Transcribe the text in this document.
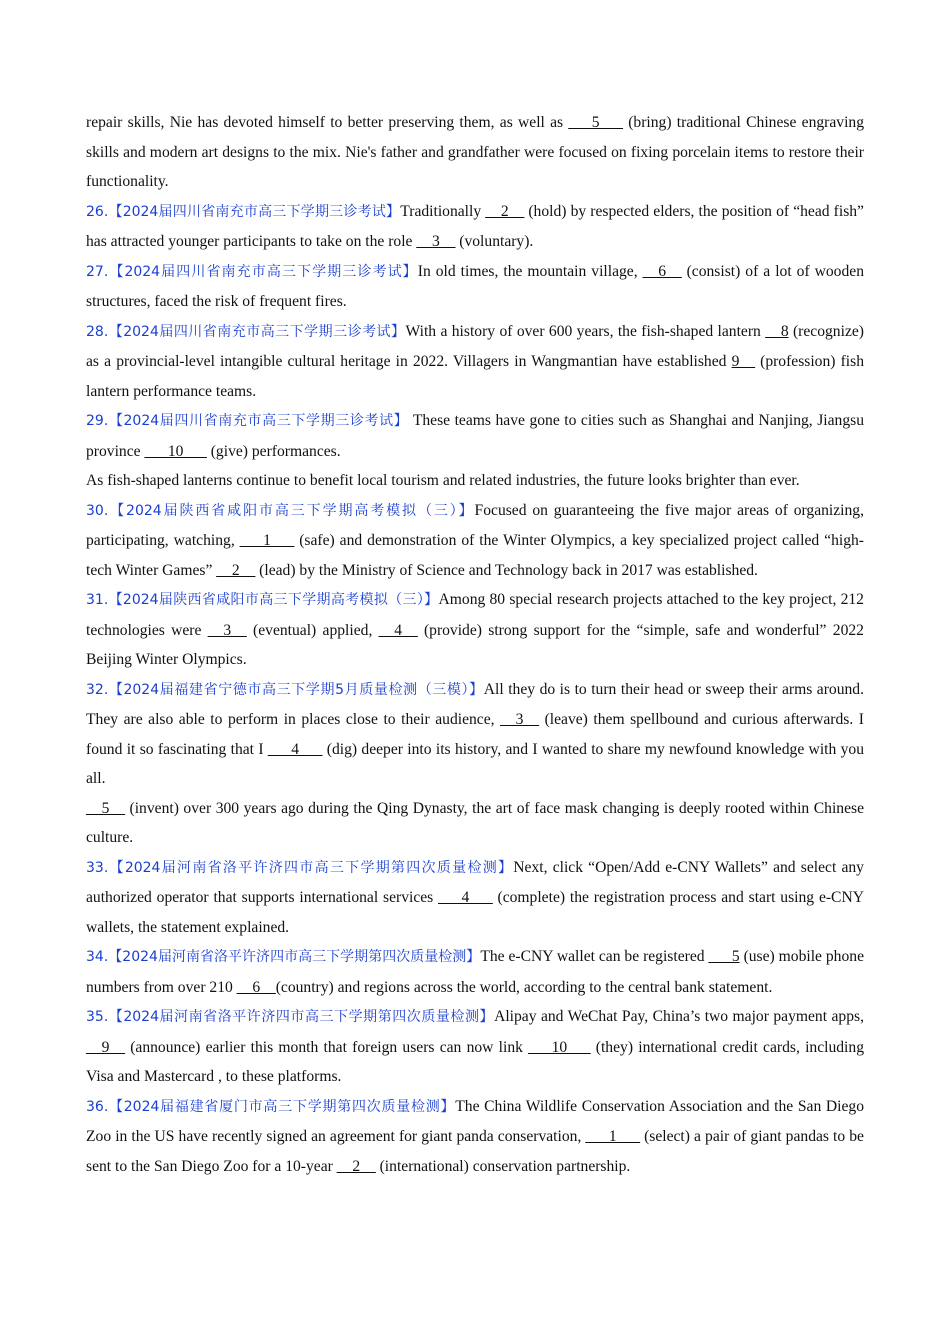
repair skills, Nie has devoted himself to better preserving them, as well as ___5___ (bring) traditional Chinese engraving skills and modern art designs to the mix. Nie's father and grandfather were focused on fixing porcelain items to restore their functionality.

26.【2024届四川省南充市高三下学期三诊考试】Traditionally __2__ (hold) by respected elders, the position of “head fish” has attracted younger participants to take on the role __3__ (voluntary).

27.【2024届四川省南充市高三下学期三诊考试】In old times, the mountain village, __6__ (consist) of a lot of wooden structures, faced the risk of frequent fires.

28.【2024届四川省南充市高三下学期三诊考试】With a history of over 600 years, the fish-shaped lantern __8 (recognize) as a provincial-level intangible cultural heritage in 2022. Villagers in Wangmantian have established 9__ (profession) fish lantern performance teams.

29.【2024届四川省南充市高三下学期三诊考试】 These teams have gone to cities such as Shanghai and Nanjing, Jiangsu province ___10___ (give) performances.

As fish-shaped lanterns continue to benefit local tourism and related industries, the future looks brighter than ever.

30.【2024届陕西省咸阳市高三下学期高考模拟（三）】Focused on guaranteeing the five major areas of organizing, participating, watching, ___1___ (safe) and demonstration of the Winter Olympics, a key specialized project called “high-tech Winter Games” __2__ (lead) by the Ministry of Science and Technology back in 2017 was established.

31.【2024届陕西省咸阳市高三下学期高考模拟（三）】Among 80 special research projects attached to the key project, 212 technologies were __3__ (eventual) applied, __4__ (provide) strong support for the “simple, safe and wonderful” 2022 Beijing Winter Olympics.

32.【2024届福建省宁德市高三下学期5月质量检测（三模）】All they do is to turn their head or sweep their arms around. They are also able to perform in places close to their audience, __3__ (leave) them spellbound and curious afterwards. I found it so fascinating that I ___4___ (dig) deeper into its history, and I wanted to share my newfound knowledge with you all.

__5__ (invent) over 300 years ago during the Qing Dynasty, the art of face mask changing is deeply rooted within Chinese culture.

33.【2024届河南省洛平许济四市高三下学期第四次质量检测】Next, click “Open/Add e-CNY Wallets” and select any authorized operator that supports international services ___4___ (complete) the registration process and start using e-CNY wallets, the statement explained.

34.【2024届河南省洛平许济四市高三下学期第四次质量检测】The e-CNY wallet can be registered ___5 (use) mobile phone numbers from over 210 __6__(country) and regions across the world, according to the central bank statement.

35.【2024届河南省洛平许济四市高三下学期第四次质量检测】Alipay and WeChat Pay, China’s two major payment apps, __9__ (announce) earlier this month that foreign users can now link ___10___ (they) international credit cards, including Visa and Mastercard , to these platforms.

36.【2024届福建省厦门市高三下学期第四次质量检测】The China Wildlife Conservation Association and the San Diego Zoo in the US have recently signed an agreement for giant panda conservation, ___1___ (select) a pair of giant pandas to be sent to the San Diego Zoo for a 10-year __2__ (international) conservation partnership.
